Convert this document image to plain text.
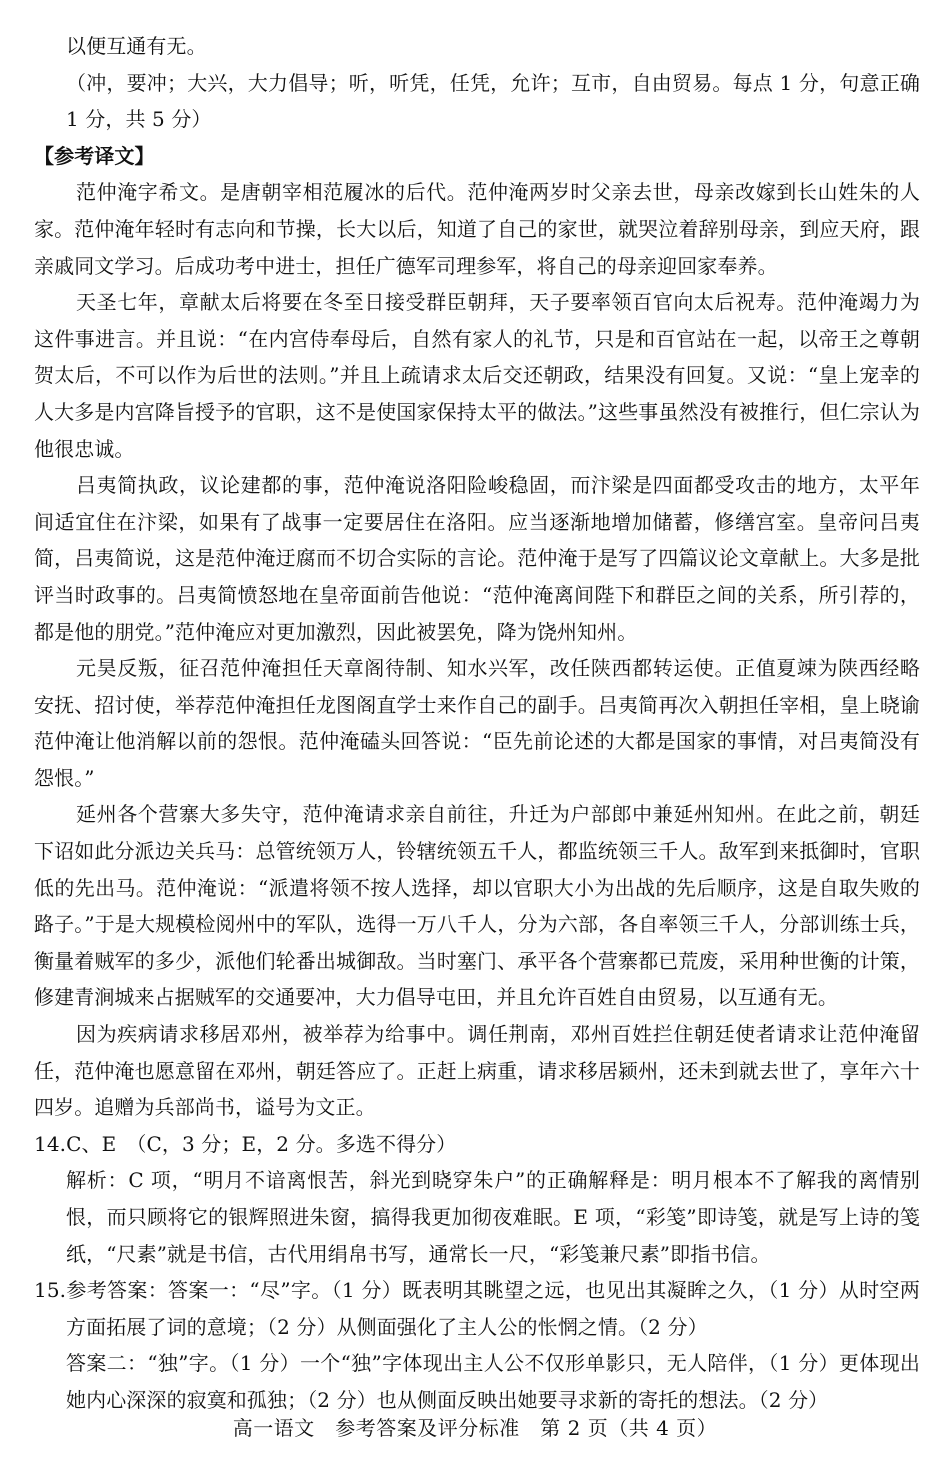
以便互通有无。

（冲，要冲；大兴，大力倡导；听，听凭，任凭，允许；互市，自由贸易。每点 1 分，句意正确 1 分，共 5 分）

【参考译文】

范仲淹字希文。是唐朝宰相范履冰的后代。范仲淹两岁时父亲去世，母亲改嫁到长山姓朱的人家。范仲淹年轻时有志向和节操，长大以后，知道了自己的家世，就哭泣着辞别母亲，到应天府，跟亲戚同文学习。后成功考中进士，担任广德军司理参军，将自己的母亲迎回家奉养。

天圣七年，章献太后将要在冬至日接受群臣朝拜，天子要率领百官向太后祝寿。范仲淹竭力为这件事进言。并且说：“在内宫侍奉母后，自然有家人的礼节，只是和百官站在一起，以帝王之尊朝贺太后，不可以作为后世的法则。”并且上疏请求太后交还朝政，结果没有回复。又说：“皇上宠幸的人大多是内宫降旨授予的官职，这不是使国家保持太平的做法。”这些事虽然没有被推行，但仁宗认为他很忠诚。

吕夷简执政，议论建都的事，范仲淹说洛阳险峻稳固，而汴梁是四面都受攻击的地方，太平年间适宜住在汴梁，如果有了战事一定要居住在洛阳。应当逐渐地增加储蓄，修缮宫室。皇帝问吕夷简，吕夷简说，这是范仲淹迂腐而不切合实际的言论。范仲淹于是写了四篇议论文章献上。大多是批评当时政事的。吕夷简愤怒地在皇帝面前告他说：“范仲淹离间陛下和群臣之间的关系，所引荐的，都是他的朋党。”范仲淹应对更加激烈，因此被罢免，降为饶州知州。

元昊反叛，征召范仲淹担任天章阁待制、知水兴军，改任陕西都转运使。正值夏竦为陕西经略安抚、招讨使，举荐范仲淹担任龙图阁直学士来作自己的副手。吕夷简再次入朝担任宰相，皇上晓谕范仲淹让他消解以前的怨恨。范仲淹磕头回答说：“臣先前论述的大都是国家的事情，对吕夷简没有怨恨。”

延州各个营寨大多失守，范仲淹请求亲自前往，升迁为户部郎中兼延州知州。在此之前，朝廷下诏如此分派边关兵马：总管统领万人，铃辖统领五千人，都监统领三千人。敌军到来抵御时，官职低的先出马。范仲淹说：“派遣将领不按人选择，却以官职大小为出战的先后顺序，这是自取失败的路子。”于是大规模检阅州中的军队，选得一万八千人，分为六部，各自率领三千人，分部训练士兵，衡量着贼军的多少，派他们轮番出城御敌。当时塞门、承平各个营寨都已荒废，采用种世衡的计策，修建青涧城来占据贼军的交通要冲，大力倡导屯田，并且允许百姓自由贸易，以互通有无。

因为疾病请求移居邓州，被举荐为给事中。调任荆南，邓州百姓拦住朝廷使者请求让范仲淹留任，范仲淹也愿意留在邓州，朝廷答应了。正赶上病重，请求移居颍州，还未到就去世了，享年六十四岁。追赠为兵部尚书，谥号为文正。

14.C、E　（C，3 分；E，2 分。多选不得分）

解析：C 项，“明月不谙离恨苦，斜光到晓穿朱户”的正确解释是：明月根本不了解我的离情别恨，而只顾将它的银辉照进朱窗，搞得我更加彻夜难眠。E 项，“彩笺”即诗笺，就是写上诗的笺纸，“尺素”就是书信，古代用绢帛书写，通常长一尺，“彩笺兼尺素”即指书信。

15.参考答案：答案一：“尽”字。（1 分）既表明其眺望之远，也见出其凝眸之久，（1 分）从时空两方面拓展了词的意境；（2 分）从侧面强化了主人公的怅惘之情。（2 分）

答案二：“独”字。（1 分）一个“独”字体现出主人公不仅形单影只，无人陪伴，（1 分）更体现出她内心深深的寂寞和孤独；（2 分）也从侧面反映出她要寻求新的寄托的想法。（2 分）

高一语文　参考答案及评分标准　第 2 页（共 4 页）
